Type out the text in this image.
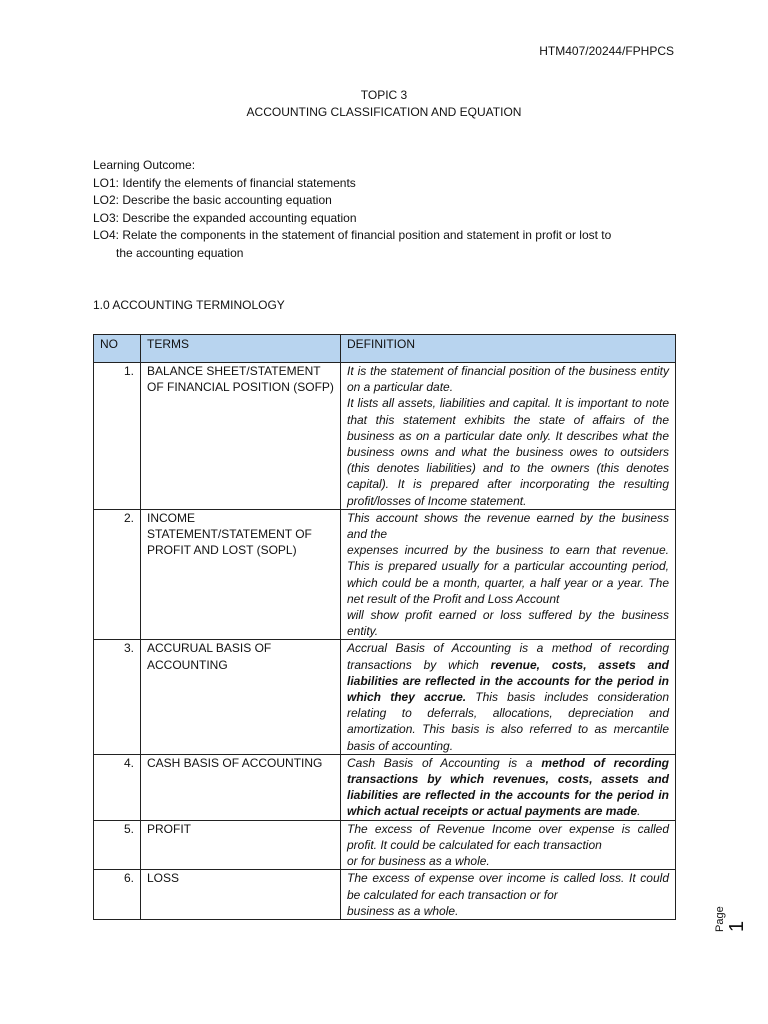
HTM407/20244/FPHPCS
TOPIC 3
ACCOUNTING CLASSIFICATION AND EQUATION
Learning Outcome:
LO1: Identify the elements of financial statements
LO2: Describe the basic accounting equation
LO3: Describe the expanded accounting equation
LO4: Relate the components in the statement of financial position and statement in profit or lost to
the accounting equation
1.0 ACCOUNTING TERMINOLOGY
NO	TERMS	DEFINITION
1.	BALANCE SHEET/STATEMENT OF FINANCIAL POSITION (SOFP)	It is the statement of financial position of the business entity on a particular date.
It lists all assets, liabilities and capital. It is important to note that this statement exhibits the state of affairs of the business as on a particular date only. It describes what the business owns and what the business owes to outsiders (this denotes liabilities) and to the owners (this denotes capital). It is prepared after incorporating the resulting profit/losses of Income statement.

2.	INCOME STATEMENT/STATEMENT OF PROFIT AND LOST (SOPL)	This account shows the revenue earned by the business and the
expenses incurred by the business to earn that revenue. This is prepared usually for a particular accounting period, which could be a month, quarter, a half year or a year. The net result of the Profit and Loss Account
will show profit earned or loss suffered by the business entity.

3.	ACCURUAL BASIS OF ACCOUNTING	Accrual Basis of Accounting is a method of recording transactions by which revenue, costs, assets and liabilities are reflected in the accounts for the period in which they accrue. This basis includes consideration relating to deferrals, allocations, depreciation and amortization. This basis is also referred to as mercantile basis of accounting.

4.	CASH BASIS OF ACCOUNTING	Cash Basis of Accounting is a method of recording transactions by which revenues, costs, assets and liabilities are reflected in the accounts for the period in which actual receipts or actual payments are made.

5.	PROFIT	The excess of Revenue Income over expense is called profit. It could be calculated for each transaction
or for business as a whole.

6.	LOSS	The excess of expense over income is called loss. It could be calculated for each transaction or for
business as a whole.	Page 1
